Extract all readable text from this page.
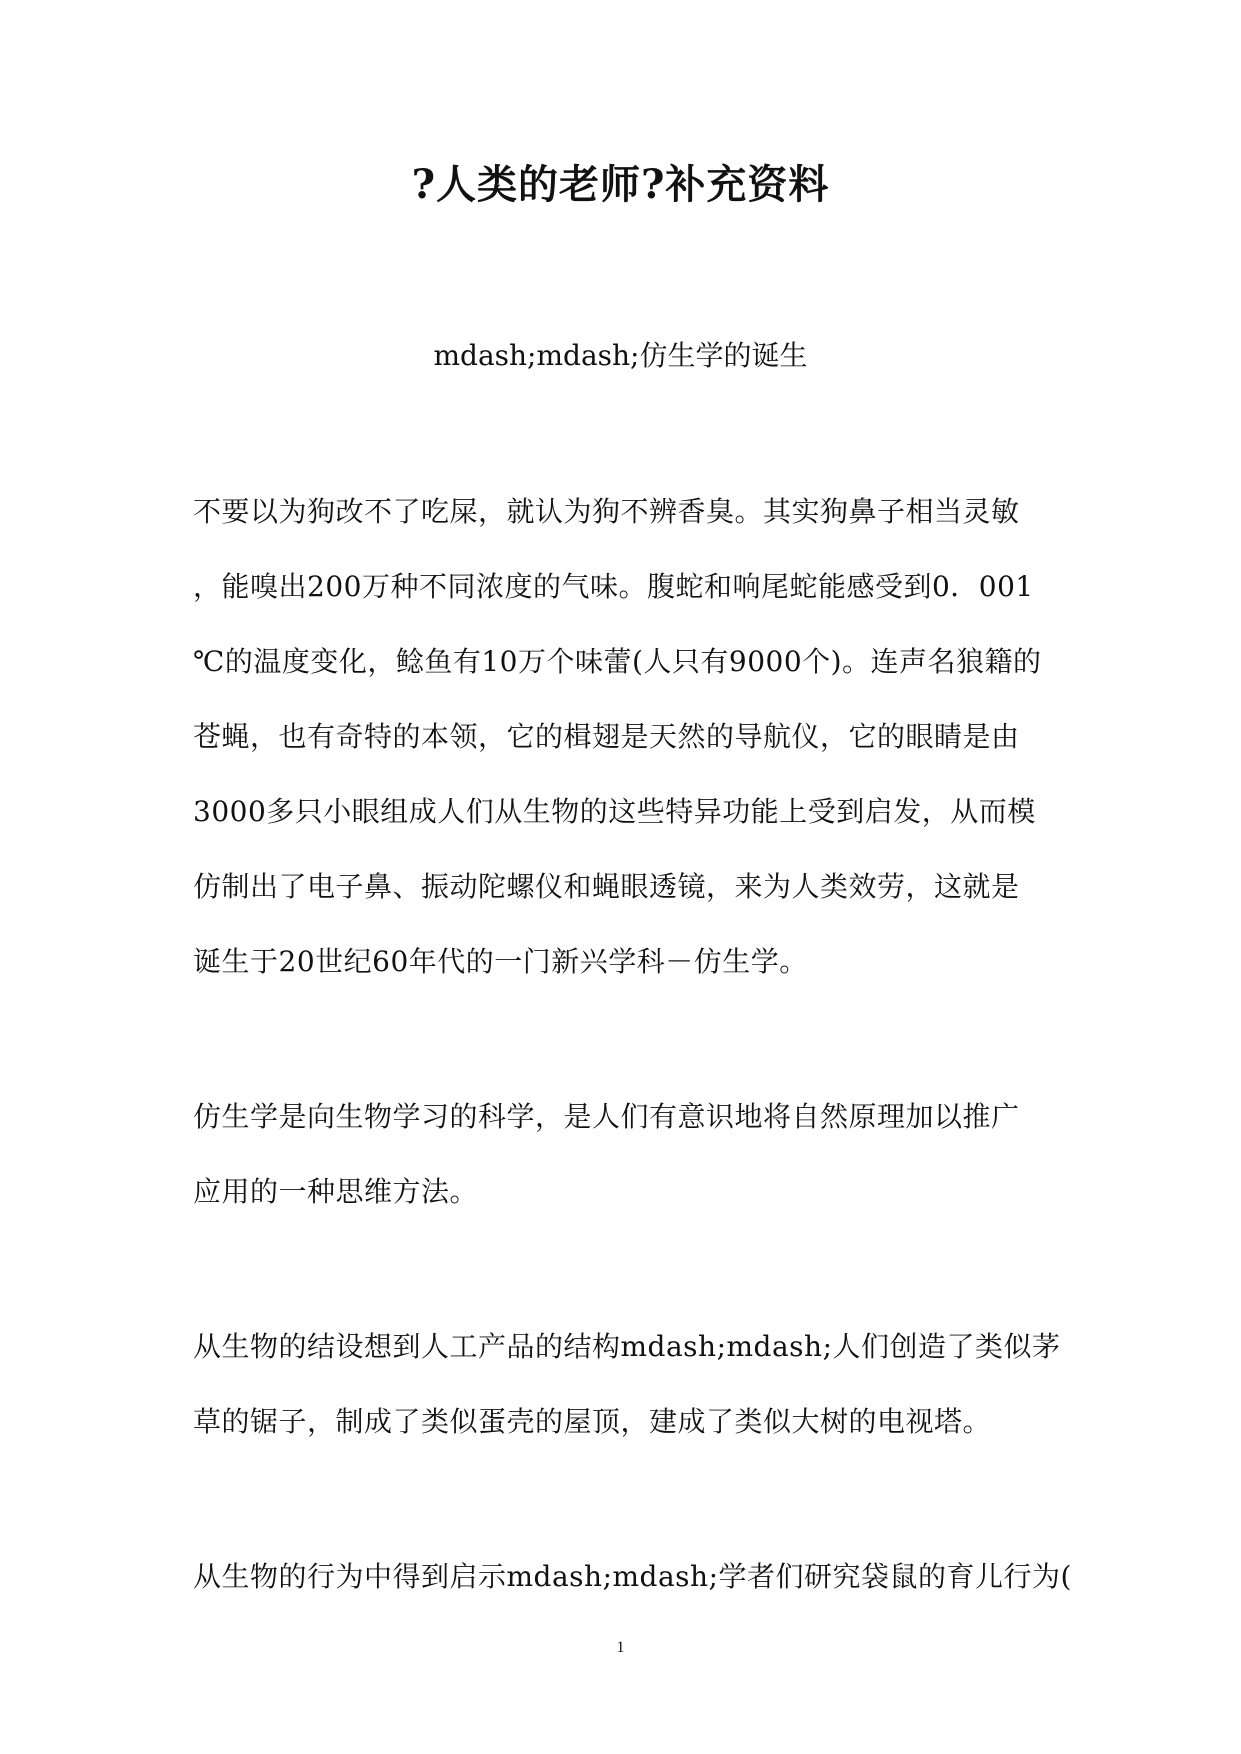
?人类的老师?补充资料
mdash;mdash;仿生学的诞生
不要以为狗改不了吃屎，就认为狗不辨香臭。其实狗鼻子相当灵敏
，能嗅出200万种不同浓度的气味。腹蛇和响尾蛇能感受到0．001
℃的温度变化，鲶鱼有10万个味蕾(人只有9000个)。连声名狼籍的
苍蝇，也有奇特的本领，它的楫翅是天然的导航仪，它的眼睛是由
3000多只小眼组成人们从生物的这些特异功能上受到启发，从而模
仿制出了电子鼻、振动陀螺仪和蝇眼透镜，来为人类效劳，这就是
诞生于20世纪60年代的一门新兴学科－仿生学。
仿生学是向生物学习的科学，是人们有意识地将自然原理加以推广
应用的一种思维方法。
从生物的结设想到人工产品的结构mdash;mdash;人们创造了类似茅
草的锯子，制成了类似蛋壳的屋顶，建成了类似大树的电视塔。
从生物的行为中得到启示mdash;mdash;学者们研究袋鼠的育儿行为(
1
